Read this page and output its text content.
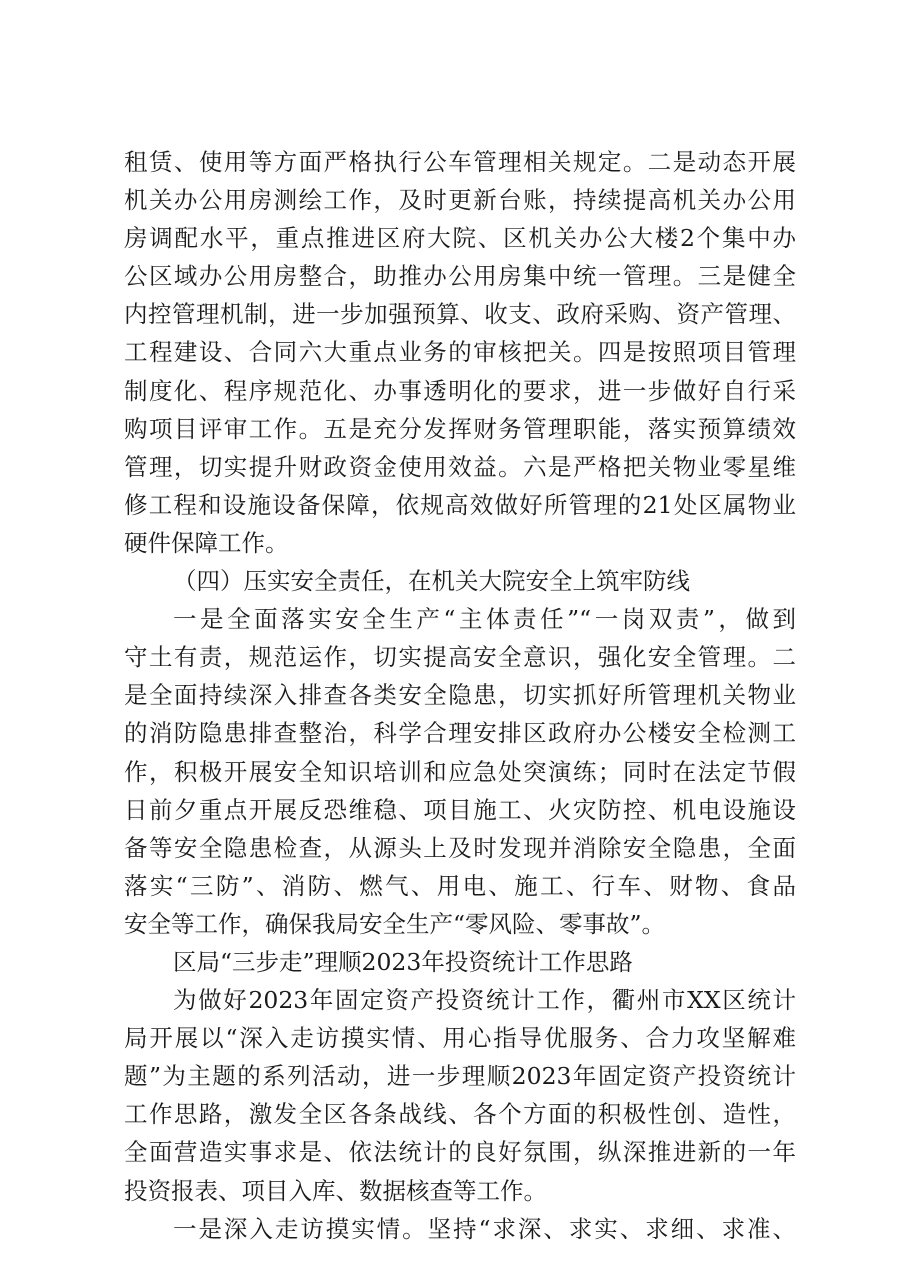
租赁、使用等方面严格执行公车管理相关规定。二是动态开展
机关办公用房测绘工作，及时更新台账，持续提高机关办公用
房调配水平，重点推进区府大院、区机关办公大楼2个集中办
公区域办公用房整合，助推办公用房集中统一管理。三是健全
内控管理机制，进一步加强预算、收支、政府采购、资产管理、
工程建设、合同六大重点业务的审核把关。四是按照项目管理
制度化、程序规范化、办事透明化的要求，进一步做好自行采
购项目评审工作。五是充分发挥财务管理职能，落实预算绩效
管理，切实提升财政资金使用效益。六是严格把关物业零星维
修工程和设施设备保障，依规高效做好所管理的21处区属物业
硬件保障工作。
（四）压实安全责任，在机关大院安全上筑牢防线
一是全面落实安全生产“主体责任”“一岗双责”，做到
守土有责，规范运作，切实提高安全意识，强化安全管理。二
是全面持续深入排查各类安全隐患，切实抓好所管理机关物业
的消防隐患排查整治，科学合理安排区政府办公楼安全检测工
作，积极开展安全知识培训和应急处突演练；同时在法定节假
日前夕重点开展反恐维稳、项目施工、火灾防控、机电设施设
备等安全隐患检查，从源头上及时发现并消除安全隐患，全面
落实“三防”、消防、燃气、用电、施工、行车、财物、食品
安全等工作，确保我局安全生产“零风险、零事故”。
区局“三步走”理顺2023年投资统计工作思路
为做好2023年固定资产投资统计工作，衢州市XX区统计
局开展以“深入走访摸实情、用心指导优服务、合力攻坚解难
题”为主题的系列活动，进一步理顺2023年固定资产投资统计
工作思路，激发全区各条战线、各个方面的积极性创、造性，
全面营造实事求是、依法统计的良好氛围，纵深推进新的一年
投资报表、项目入库、数据核查等工作。
一是深入走访摸实情。坚持“求深、求实、求细、求准、
